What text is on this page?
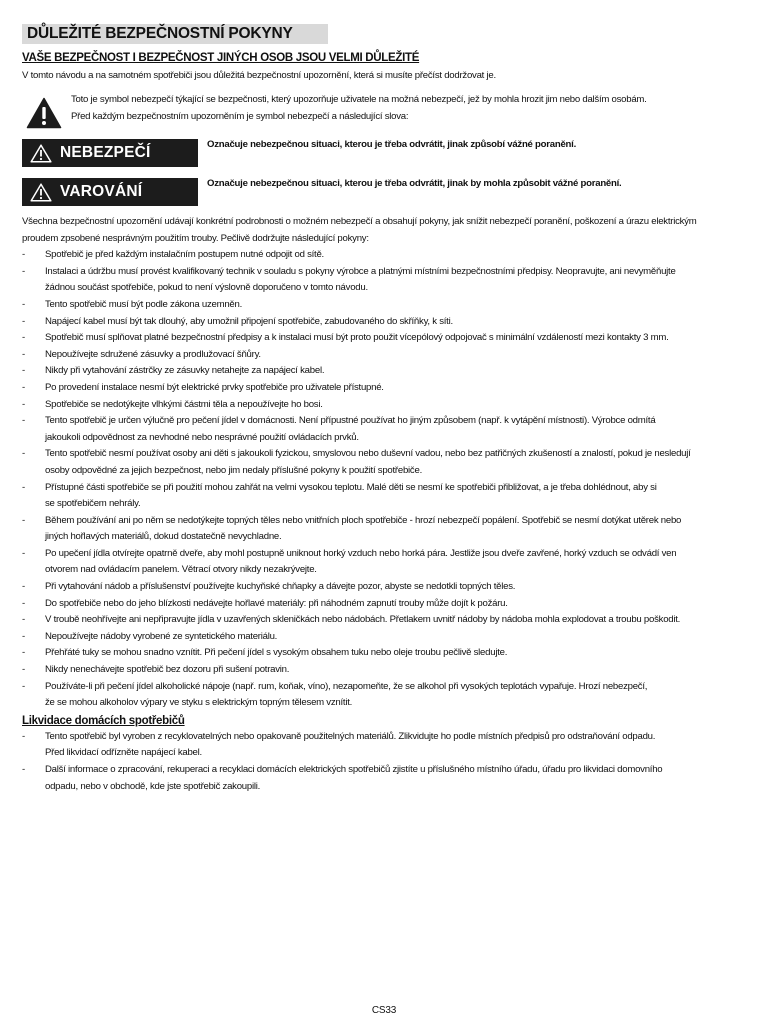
DŮLEŽITÉ BEZPEČNOSTNÍ POKYNY
VAŠE BEZPEČNOST I BEZPEČNOST JINÝCH OSOB JSOU VELMI DŮLEŽITÉ
V tomto návodu a na samotném spotřebiči jsou důležitá bezpečnostní upozornění, která si musíte přečíst dodržovat je.
Toto je symbol nebezpečí týkající se bezpečnosti, který upozorňuje uživatele na možná nebezpečí, jež by mohla hrozit jim nebo dalším osobám.
Před každým bezpečnostním upozorněním je symbol nebezpečí a následující slova:
NEBEZPEČÍ	Označuje nebezpečnou situaci, kterou je třeba odvrátit, jinak způsobí vážné poranění.
VAROVÁNÍ	Označuje nebezpečnou situaci, kterou je třeba odvrátit, jinak by mohla způsobit vážné poranění.
Všechna bezpečnostní upozornění udávají konkrétní podrobnosti o možném nebezpečí a obsahují pokyny, jak snížit nebezpečí poranění, poškození a úrazu elektrickým
proudem zpsobené nesprávným použitím trouby. Pečlivě dodržujte následující pokyny:
- Spotřebič je před každým instalačním postupem nutné odpojit od sítě.
- Instalaci a údržbu musí provést kvalifikovaný technik v souladu s pokyny výrobce a platnými místními bezpečnostními předpisy. Neopravujte, ani nevyměňujte
žádnou součást spotřebiče, pokud to není výslovně doporučeno v tomto návodu.
- Tento spotřebič musí být podle zákona uzemněn.
- Napájecí kabel musí být tak dlouhý, aby umožnil připojení spotřebiče, zabudovaného do skříňky, k síti.
- Spotřebič musí splňovat platné bezpečnostní předpisy a k instalaci musí být proto použit vícepólový odpojovač s minimální vzdáleností mezi kontakty 3 mm.
- Nepoužívejte sdružené zásuvky a prodlužovací šňůry.
- Nikdy při vytahování zástrčky ze zásuvky netahejte za napájecí kabel.
- Po provedení instalace nesmí být elektrické prvky spotřebiče pro uživatele přístupné.
- Spotřebiče se nedotýkejte vlhkými částmi těla a nepoužívejte ho bosi.
- Tento spotřebič je určen výlučně pro pečení jídel v domácnosti. Není přípustné používat ho jiným způsobem (např. k vytápění místnosti). Výrobce odmítá
jakoukoli odpovědnost za nevhodné nebo nesprávné použití ovládacích prvků.
- Tento spotřebič nesmí používat osoby ani děti s jakoukoli fyzickou, smyslovou nebo duševní vadou, nebo bez patřičných zkušeností a znalostí, pokud je nesledují
osoby odpovědné za jejich bezpečnost, nebo jim nedaly příslušné pokyny k použití spotřebiče.
- Přístupné části spotřebiče se při použití mohou zahřát na velmi vysokou teplotu. Malé děti se nesmí ke spotřebiči přibližovat, a je třeba dohlédnout, aby si
se spotřebičem nehrály.
- Během používání ani po něm se nedotýkejte topných těles nebo vnitřních ploch spotřebiče - hrozí nebezpečí popálení. Spotřebič se nesmí dotýkat utěrek nebo
jiných hořlavých materiálů, dokud dostatečně nevychladne.
- Po upečení jídla otvírejte opatrně dveře, aby mohl postupně uniknout horký vzduch nebo horká pára. Jestliže jsou dveře zavřené, horký vzduch se odvádí ven
otvorem nad ovládacím panelem. Větrací otvory nikdy nezakrývejte.
- Při vytahování nádob a příslušenství používejte kuchyňské chňapky a dávejte pozor, abyste se nedotkli topných těles.
- Do spotřebiče nebo do jeho blízkosti nedávejte hořlavé materiály: při náhodném zapnutí trouby může dojít k požáru.
- V troubě neohřívejte ani nepřipravujte jídla v uzavřených skleničkách nebo nádobách. Přetlakem uvnitř nádoby by nádoba mohla explodovat a troubu poškodit.
- Nepoužívejte nádoby vyrobené ze syntetického materiálu.
- Přehřáté tuky se mohou snadno vznítit. Při pečení jídel s vysokým obsahem tuku nebo oleje troubu pečlivě sledujte.
- Nikdy nenechávejte spotřebič bez dozoru při sušení potravin.
- Používáte-li při pečení jídel alkoholické nápoje (např. rum, koňak, víno), nezapomeňte, že se alkohol při vysokých teplotách vypařuje. Hrozí nebezpečí,
že se mohou alkoholov výpary ve styku s elektrickým topným tělesem vznítit.
Likvidace domácích spotřebičů
- Tento spotřebič byl vyroben z recyklovatelných nebo opakovaně použitelných materiálů. Zlikvidujte ho podle místních předpisů pro odstraňování odpadu.
Před likvidací odřízněte napájecí kabel.
- Další informace o zpracování, rekuperaci a recyklaci domácích elektrických spotřebičů zjistíte u příslušného místního úřadu, úřadu pro likvidaci domovního
odpadu, nebo v obchodě, kde jste spotřebič zakoupili.
CS33
